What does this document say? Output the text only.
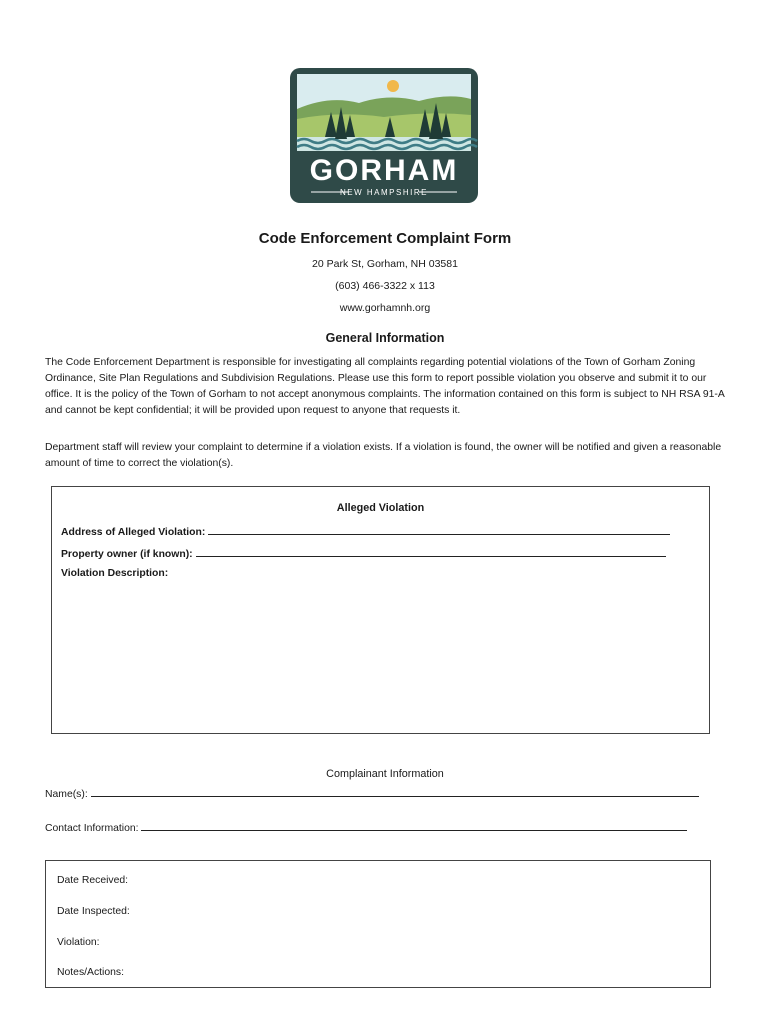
GORHAM
NEW HAMPSHIRE
Code Enforcement Complaint Form
20 Park St, Gorham, NH 03581
(603) 466-3322 x 113
www.gorhamnh.org
General Information
The Code Enforcement Department is responsible for investigating all complaints regarding potential violations of the Town of Gorham Zoning Ordinance, Site Plan Regulations and Subdivision Regulations. Please use this form to report possible violation you observe and submit it to our office. It is the policy of the Town of Gorham to not accept anonymous complaints. The information contained on this form is subject to NH RSA 91-A and cannot be kept confidential; it will be provided upon request to anyone that requests it.
Department staff will review your complaint to determine if a violation exists. If a violation is found, the owner will be notified and given a reasonable amount of time to correct the violation(s).
Alleged Violation
Address of Alleged Violation:
Property owner (if known):
Violation Description:
Complainant Information
Name(s):
Contact Information:
Date Received:
Date Inspected:
Violation:
Notes/Actions:
